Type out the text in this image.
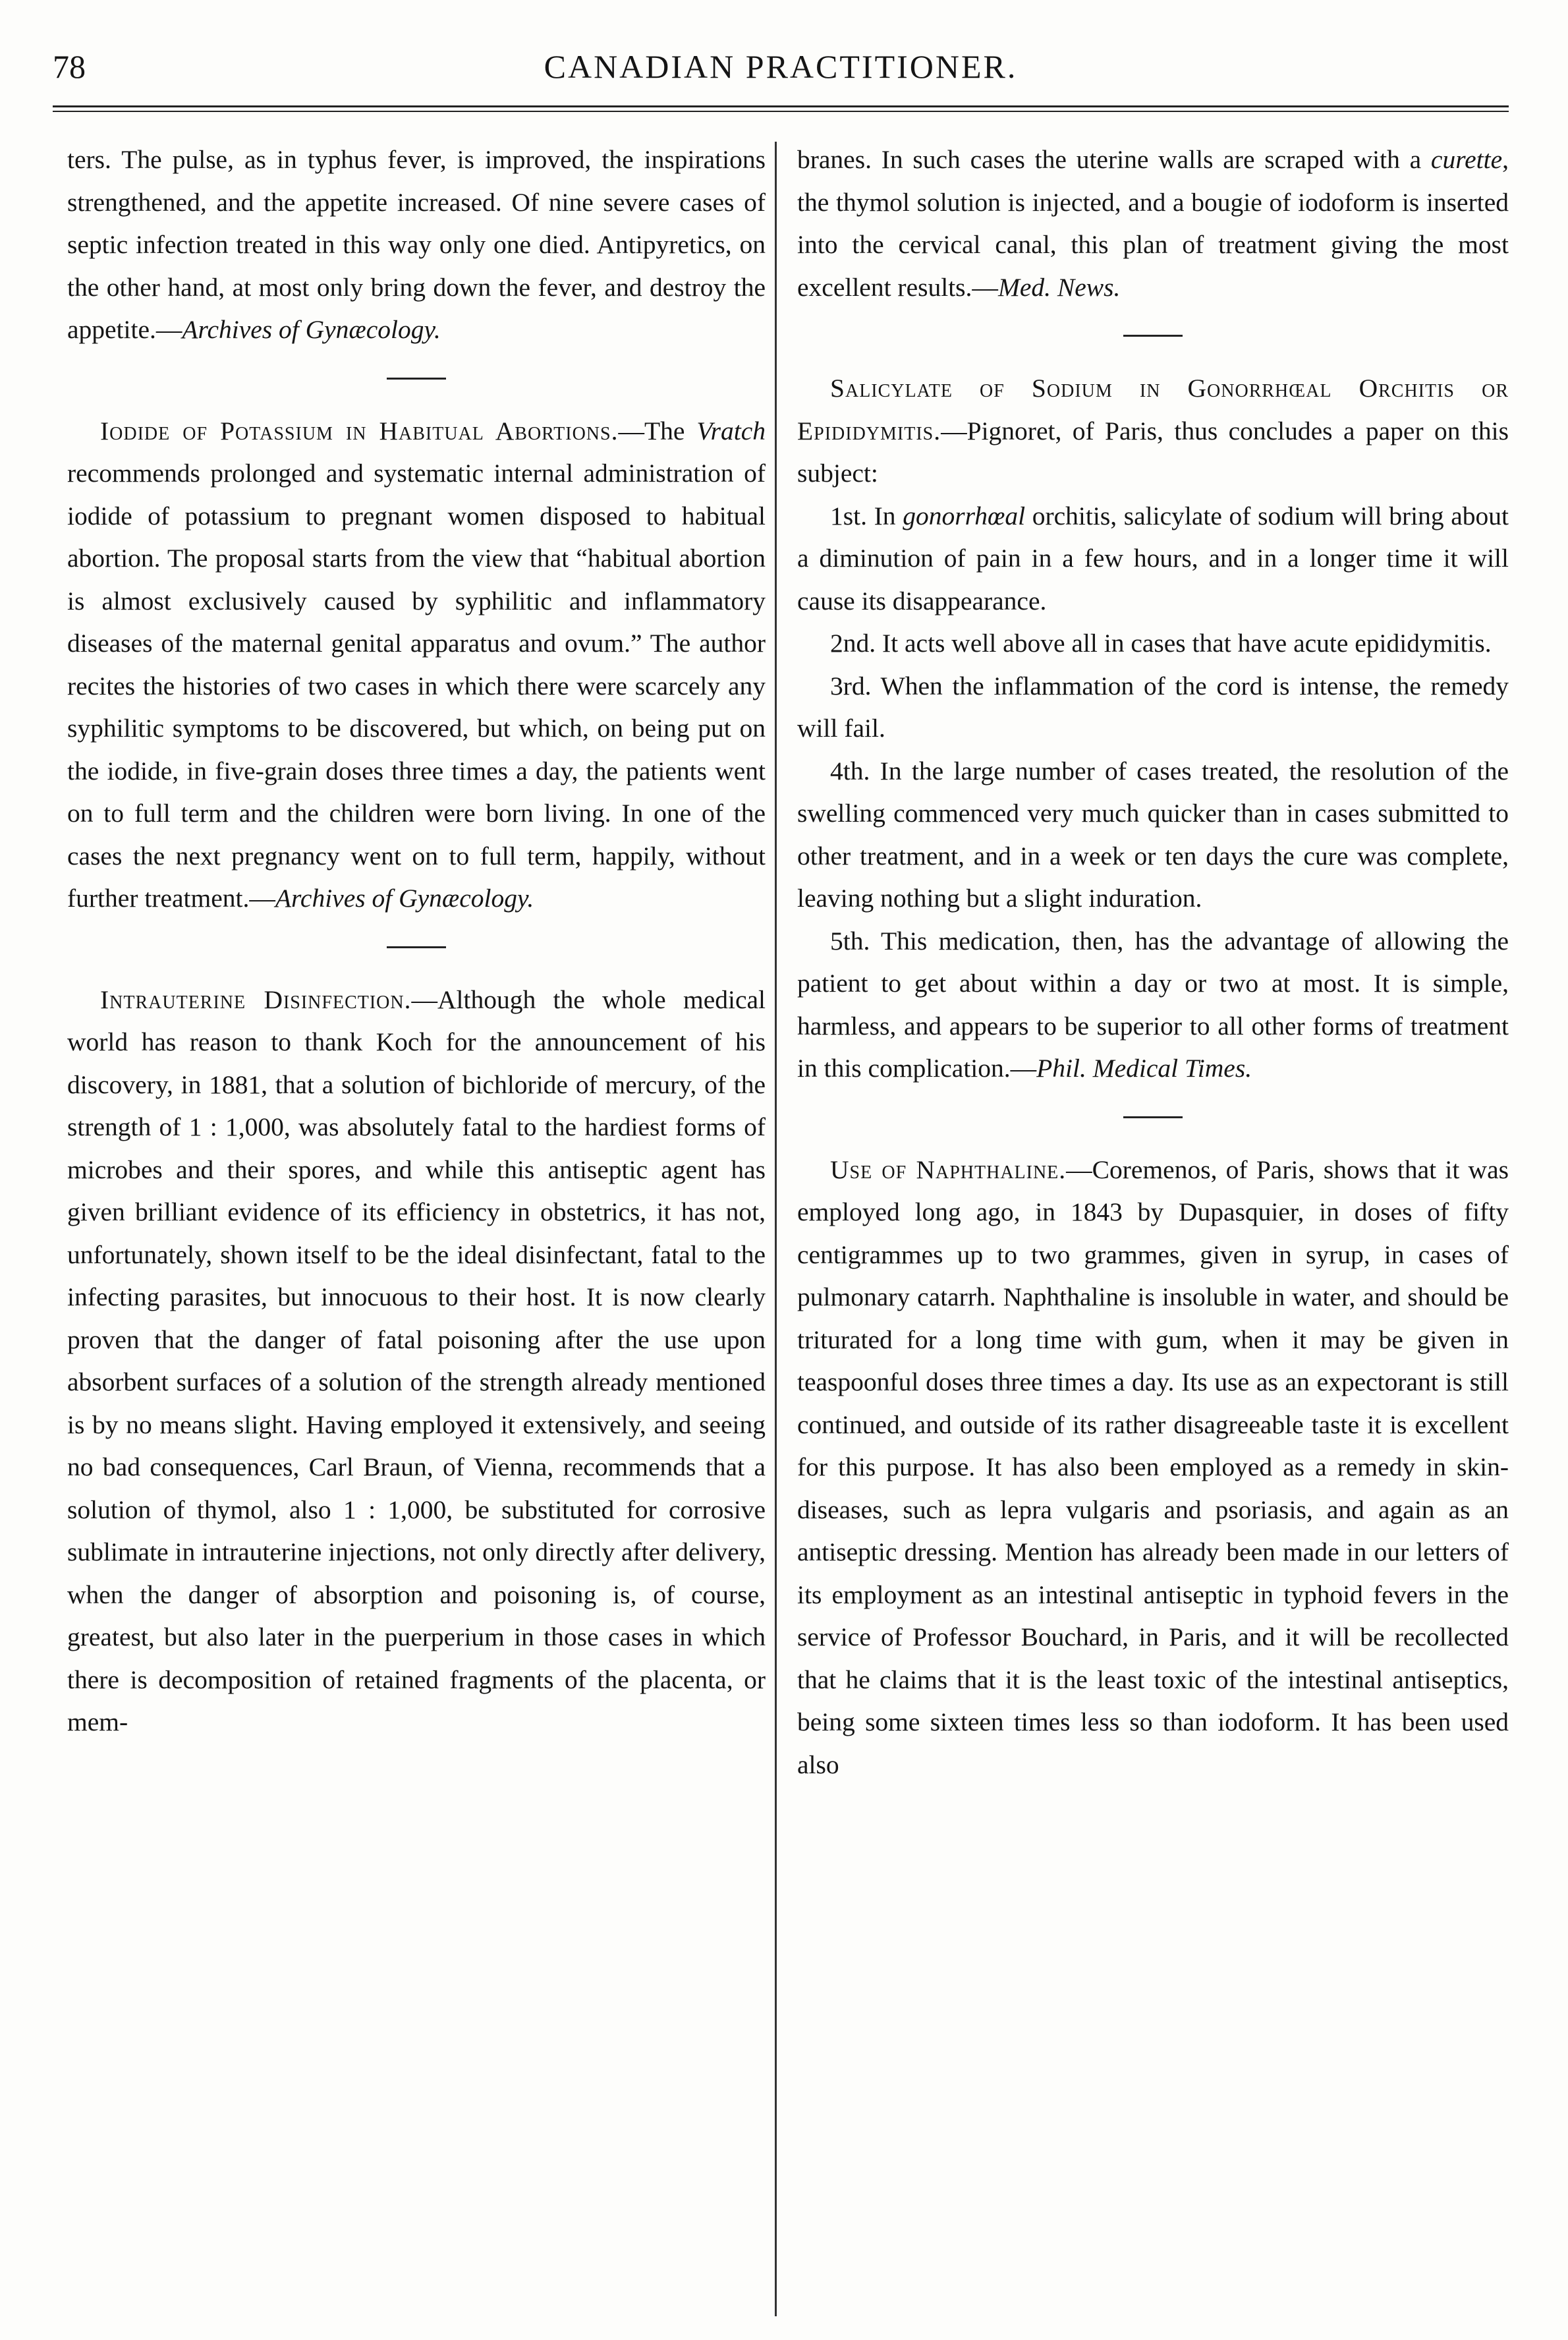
78	CANADIAN PRACTITIONER.

ters. The pulse, as in typhus fever, is improved, the inspirations strengthened, and the appetite increased. Of nine severe cases of septic infection treated in this way only one died. Antipyretics, on the other hand, at most only bring down the fever, and destroy the appetite.—Archives of Gynæcology.

Iodide of Potassium in Habitual Abortions.—The Vratch recommends prolonged and systematic internal administration of iodide of potassium to pregnant women disposed to habitual abortion. The proposal starts from the view that “habitual abortion is almost exclusively caused by syphilitic and inflammatory diseases of the maternal genital apparatus and ovum.” The author recites the histories of two cases in which there were scarcely any syphilitic symptoms to be discovered, but which, on being put on the iodide, in five-grain doses three times a day, the patients went on to full term and the children were born living. In one of the cases the next pregnancy went on to full term, happily, without further treatment.—Archives of Gynæcology.

Intrauterine Disinfection.—Although the whole medical world has reason to thank Koch for the announcement of his discovery, in 1881, that a solution of bichloride of mercury, of the strength of 1 : 1,000, was absolutely fatal to the hardiest forms of microbes and their spores, and while this antiseptic agent has given brilliant evidence of its efficiency in obstetrics, it has not, unfortunately, shown itself to be the ideal disinfectant, fatal to the infecting parasites, but innocuous to their host. It is now clearly proven that the danger of fatal poisoning after the use upon absorbent surfaces of a solution of the strength already mentioned is by no means slight. Having employed it extensively, and seeing no bad consequences, Carl Braun, of Vienna, recommends that a solution of thymol, also 1 : 1,000, be substituted for corrosive sublimate in intrauterine injections, not only directly after delivery, when the danger of absorption and poisoning is, of course, greatest, but also later in the puerperium in those cases in which there is decomposition of retained fragments of the placenta, or mem-

branes. In such cases the uterine walls are scraped with a curette, the thymol solution is injected, and a bougie of iodoform is inserted into the cervical canal, this plan of treatment giving the most excellent results.—Med. News.

Salicylate of Sodium in Gonorrhœal Orchitis or Epididymitis.—Pignoret, of Paris, thus concludes a paper on this subject:

1st. In gonorrhœal orchitis, salicylate of sodium will bring about a diminution of pain in a few hours, and in a longer time it will cause its disappearance.

2nd. It acts well above all in cases that have acute epididymitis.

3rd. When the inflammation of the cord is intense, the remedy will fail.

4th. In the large number of cases treated, the resolution of the swelling commenced very much quicker than in cases submitted to other treatment, and in a week or ten days the cure was complete, leaving nothing but a slight induration.

5th. This medication, then, has the advantage of allowing the patient to get about within a day or two at most. It is simple, harmless, and appears to be superior to all other forms of treatment in this complication.—Phil. Medical Times.

Use of Naphthaline.—Coremenos, of Paris, shows that it was employed long ago, in 1843 by Dupasquier, in doses of fifty centigrammes up to two grammes, given in syrup, in cases of pulmonary catarrh. Naphthaline is insoluble in water, and should be triturated for a long time with gum, when it may be given in teaspoonful doses three times a day. Its use as an expectorant is still continued, and outside of its rather disagreeable taste it is excellent for this purpose. It has also been employed as a remedy in skin-diseases, such as lepra vulgaris and psoriasis, and again as an antiseptic dressing. Mention has already been made in our letters of its employment as an intestinal antiseptic in typhoid fevers in the service of Professor Bouchard, in Paris, and it will be recollected that he claims that it is the least toxic of the intestinal antiseptics, being some sixteen times less so than iodoform. It has been used also
